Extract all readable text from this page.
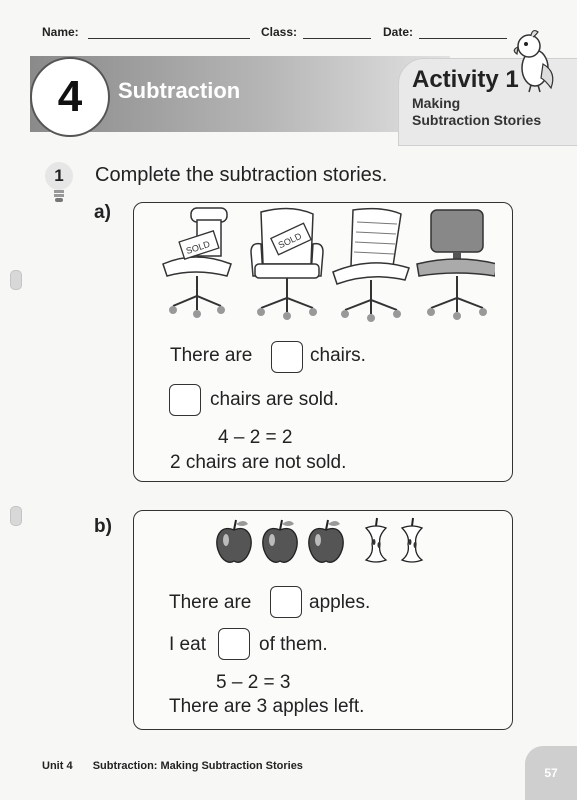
Name:	Class:	Date:
4	Subtraction	Activity 1
Making
Subtraction Stories
1	Complete the subtraction stories.
a)
SOLD	SOLD
There are	chairs.
chairs are sold.
4 – 2 = 2
2 chairs are not sold.
b)
There are	apples.
I eat	of them.
5 – 2 = 3
There are 3 apples left.
Unit 4 Subtraction: Making Subtraction Stories	57
